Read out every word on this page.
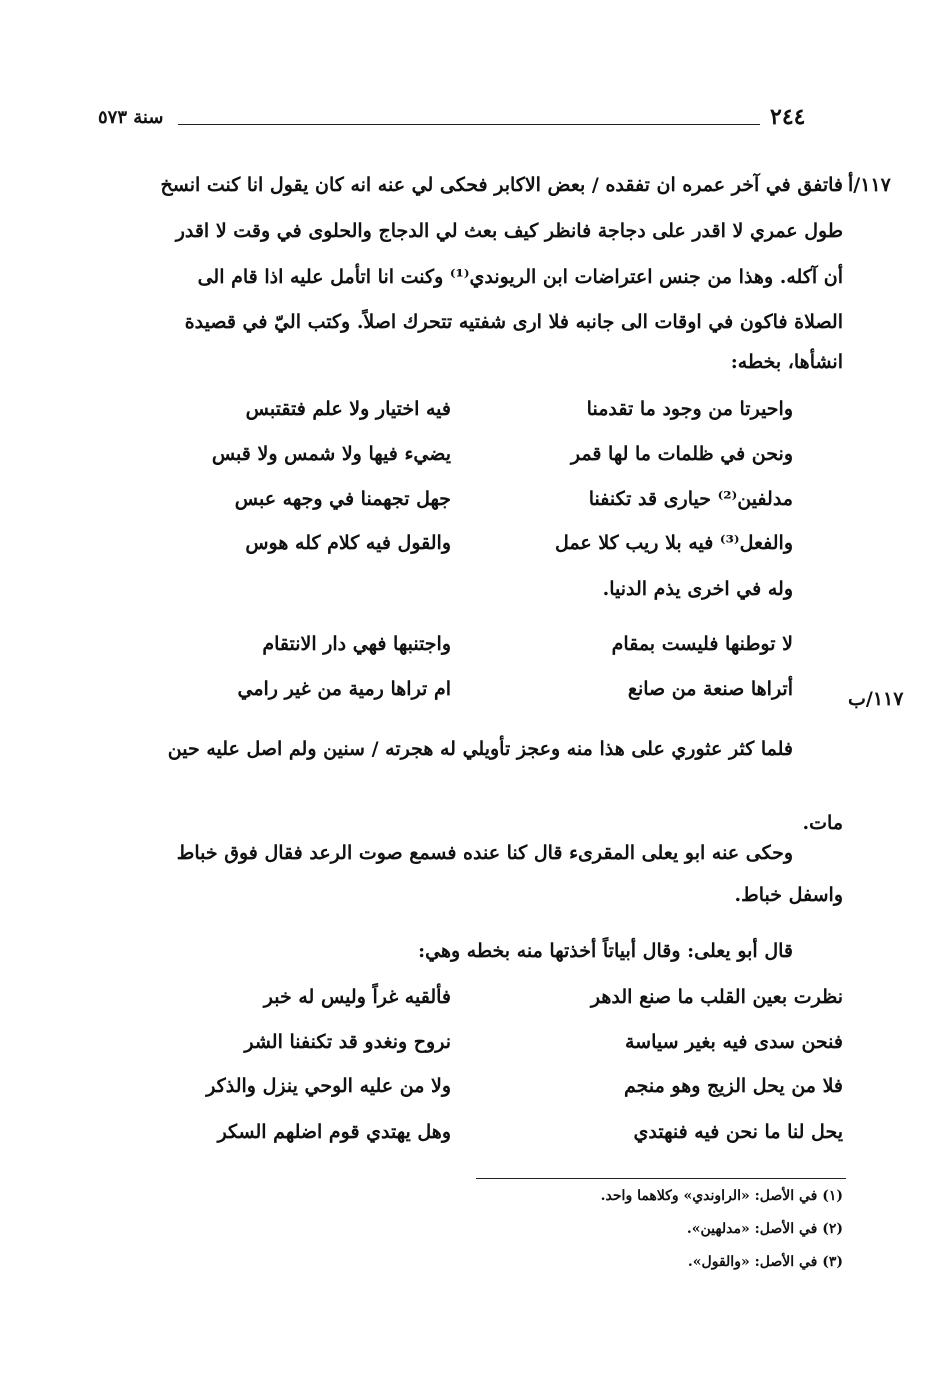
٢٤٤
سنة ٥٧٣
١١٧/أ
١١٧/ب
فاتفق في آخر عمره ان تفقده / بعض الاكابر فحكى لي عنه انه كان يقول انا كنت انسخ
طول عمري لا اقدر على دجاجة فانظر كيف بعث لي الدجاج والحلوى في وقت لا اقدر
أن آكله. وهذا من جنس اعتراضات ابن الريوندي⁽¹⁾ وكنت انا اتأمل عليه اذا قام الى
الصلاة فاكون في اوقات الى جانبه فلا ارى شفتيه تتحرك اصلاً. وكتب اليّ في قصيدة
انشأها، بخطه:
واحيرتا من وجود ما تقدمنا
فيه اختيار ولا علم فتقتبس
ونحن في ظلمات ما لها قمر
يضيء فيها ولا شمس ولا قبس
مدلفين⁽²⁾ حيارى قد تكنفنا
جهل تجهمنا في وجهه عبس
والفعل⁽³⁾ فيه بلا ريب كلا عمل
والقول فيه كلام كله هوس
وله في اخرى يذم الدنيا.
لا توطنها فليست بمقام
واجتنبها فهي دار الانتقام
أتراها صنعة من صانع
ام تراها رمية من غير رامي
فلما كثر عثوري على هذا منه وعجز تأويلي له هجرته / سنين ولم اصل عليه حين
مات.
وحكى عنه ابو يعلى المقرىء قال كنا عنده فسمع صوت الرعد فقال فوق خباط
واسفل خباط.
قال أبو يعلى: وقال أبياتاً أخذتها منه بخطه وهي:
نظرت بعين القلب ما صنع الدهر
فألقيه غراً وليس له خبر
فنحن سدى فيه بغير سياسة
نروح ونغدو قد تكنفنا الشر
فلا من يحل الزيج وهو منجم
ولا من عليه الوحي ينزل والذكر
يحل لنا ما نحن فيه فنهتدي
وهل يهتدي قوم اضلهم السكر
(١) في الأصل: «الراوندي» وكلاهما واحد.
(٢) في الأصل: «مدلهين».
(٣) في الأصل: «والقول».
